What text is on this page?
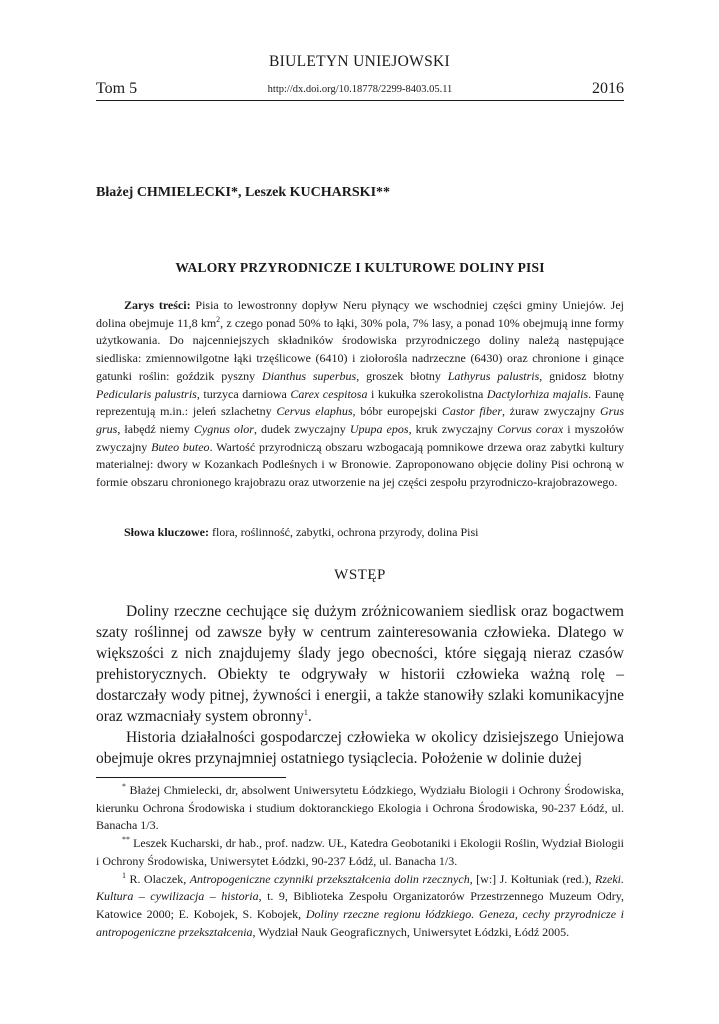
BIULETYN UNIEJOWSKI
Tom 5	http://dx.doi.org/10.18778/2299-8403.05.11	2016
Błażej CHMIELECKI*, Leszek KUCHARSKI**
WALORY PRZYRODNICZE I KULTUROWE DOLINY PISI

Zarys treści: Pisia to lewostronny dopływ Neru płynący we wschodniej części gminy Uniejów. Jej dolina obejmuje 11,8 $km^2$, z czego ponad 50% to łąki, 30% pola, 7% lasy, a ponad 10% obejmują inne formy użytkowania. Do najcenniejszych składników środowiska przyrodniczego doliny należą następujące siedliska: zmiennowilgotne łąki trzęślicowe (6410) i ziołorośla nadrzeczne (6430) oraz chronione i ginące gatunki roślin: goździk pyszny Dianthus superbus, groszek błotny Lathyrus palustris, gnidosz błotny Pedicularis palustris, turzyca darniowa Carex cespitosa i kukułka szerokolistna Dactylorhiza majalis. Faunę reprezentują m.in.: jeleń szlachetny Cervus elaphus, bóbr europejski Castor fiber, żuraw zwyczajny Grus grus, łabędź niemy Cygnus olor, dudek zwyczajny Upupa epos, kruk zwyczajny Corvus corax i myszołów zwyczajny Buteo buteo. Wartość przyrodniczą obszaru wzbogacają pomnikowe drzewa oraz zabytki kultury materialnej: dwory w Kozankach Podleśnych i w Bronowie. Zaproponowano objęcie doliny Pisi ochroną w formie obszaru chronionego krajobrazu oraz utworzenie na jej części zespołu przyrodniczo-krajobrazowego.

Słowa kluczowe: flora, roślinność, zabytki, ochrona przyrody, dolina Pisi

WSTĘP

Doliny rzeczne cechujące się dużym zróżnicowaniem siedlisk oraz bogactwem szaty roślinnej od zawsze były w centrum zainteresowania człowieka. Dlatego w większości z nich znajdujemy ślady jego obecności, które sięgają nieraz czasów prehistorycznych. Obiekty te odgrywały w historii człowieka ważną rolę – dostarczały wody pitnej, żywności i energii, a także stanowiły szlaki komunikacyjne oraz wzmacniały system obronny$^1$.

Historia działalności gospodarczej człowieka w okolicy dzisiejszego Uniejowa obejmuje okres przynajmniej ostatniego tysiąclecia. Położenie w dolinie dużej

* Błażej Chmielecki, dr, absolwent Uniwersytetu Łódzkiego, Wydziału Biologii i Ochrony Środowiska, kierunku Ochrona Środowiska i studium doktoranckiego Ekologia i Ochrona Środowiska, 90-237 Łódź, ul. Banacha 1/3.

** Leszek Kucharski, dr hab., prof. nadzw. UŁ, Katedra Geobotaniki i Ekologii Roślin, Wydział Biologii i Ochrony Środowiska, Uniwersytet Łódzki, 90-237 Łódź, ul. Banacha 1/3.

$^1$ R. Olaczek, Antropogeniczne czynniki przekształcenia dolin rzecznych, [w:] J. Kołtuniak (red.), Rzeki. Kultura – cywilizacja – historia, t. 9, Biblioteka Zespołu Organizatorów Przestrzennego Muzeum Odry, Katowice 2000; E. Kobojek, S. Kobojek, Doliny rzeczne regionu łódzkiego. Geneza, cechy przyrodnicze i antropogeniczne przekształcenia, Wydział Nauk Geograficznych, Uniwersytet Łódzki, Łódź 2005.
